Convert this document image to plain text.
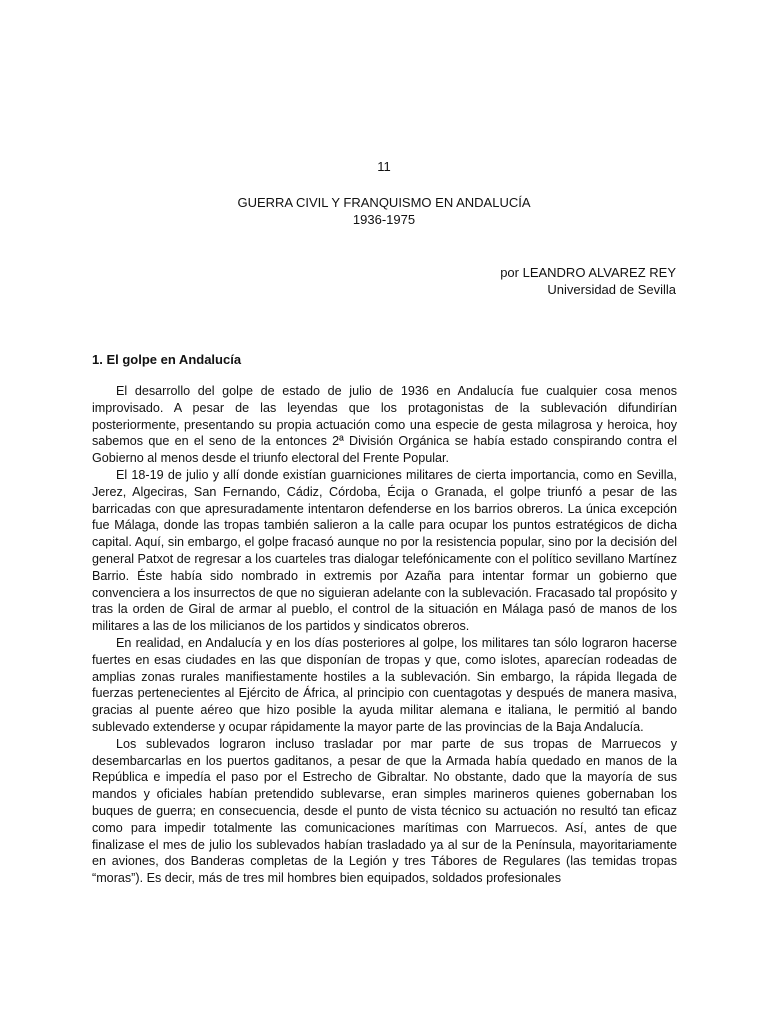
11
GUERRA CIVIL Y FRANQUISMO EN ANDALUCÍA
1936-1975
por LEANDRO ALVAREZ REY
Universidad de Sevilla
1. El golpe en Andalucía

El desarrollo del golpe de estado de julio de 1936 en Andalucía fue cualquier cosa menos improvisado. A pesar de las leyendas que los protagonistas de la sublevación difundirían posteriormente, presentando su propia actuación como una especie de gesta milagrosa y heroica, hoy sabemos que en el seno de la entonces 2ª División Orgánica se había estado conspirando contra el Gobierno al menos desde el triunfo electoral del Frente Popular.

El 18-19 de julio y allí donde existían guarniciones militares de cierta importancia, como en Sevilla, Jerez, Algeciras, San Fernando, Cádiz, Córdoba, Écija o Granada, el golpe triunfó a pesar de las barricadas con que apresuradamente intentaron defenderse en los barrios obreros. La única excepción fue Málaga, donde las tropas también salieron a la calle para ocupar los puntos estratégicos de dicha capital. Aquí, sin embargo, el golpe fracasó aunque no por la resistencia popular, sino por la decisión del general Patxot de regresar a los cuarteles tras dialogar telefónicamente con el político sevillano Martínez Barrio. Éste había sido nombrado in extremis por Azaña para intentar formar un gobierno que convenciera a los insurrectos de que no siguieran adelante con la sublevación. Fracasado tal propósito y tras la orden de Giral de armar al pueblo, el control de la situación en Málaga pasó de manos de los militares a las de los milicianos de los partidos y sindicatos obreros.

En realidad, en Andalucía y en los días posteriores al golpe, los militares tan sólo lograron hacerse fuertes en esas ciudades en las que disponían de tropas y que, como islotes, aparecían rodeadas de amplias zonas rurales manifiestamente hostiles a la sublevación. Sin embargo, la rápida llegada de fuerzas pertenecientes al Ejército de África, al principio con cuentagotas y después de manera masiva, gracias al puente aéreo que hizo posible la ayuda militar alemana e italiana, le permitió al bando sublevado extenderse y ocupar rápidamente la mayor parte de las provincias de la Baja Andalucía.

Los sublevados lograron incluso trasladar por mar parte de sus tropas de Marruecos y desembarcarlas en los puertos gaditanos, a pesar de que la Armada había quedado en manos de la República e impedía el paso por el Estrecho de Gibraltar. No obstante, dado que la mayoría de sus mandos y oficiales habían pretendido sublevarse, eran simples marineros quienes gobernaban los buques de guerra; en consecuencia, desde el punto de vista técnico su actuación no resultó tan eficaz como para impedir totalmente las comunicaciones marítimas con Marruecos. Así, antes de que finalizase el mes de julio los sublevados habían trasladado ya al sur de la Península, mayoritariamente en aviones, dos Banderas completas de la Legión y tres Tábores de Regulares (las temidas tropas “moras”). Es decir, más de tres mil hombres bien equipados, soldados profesionales
